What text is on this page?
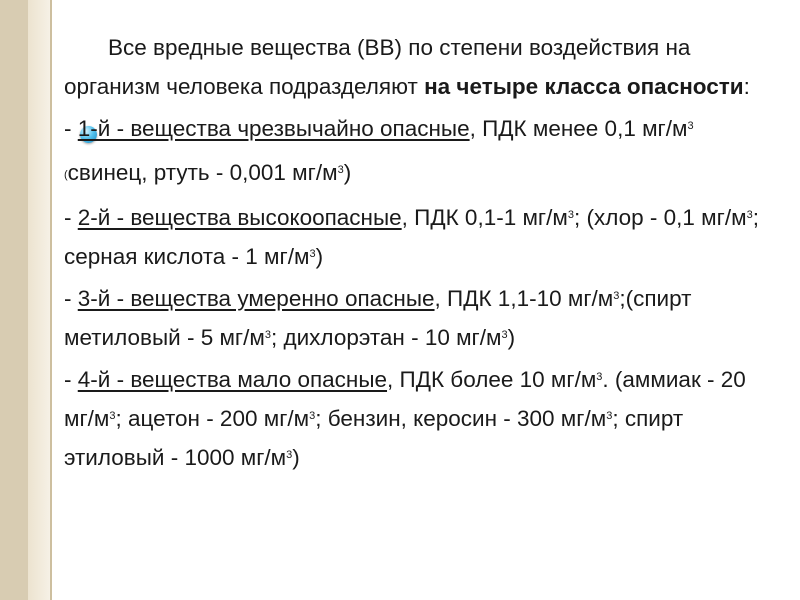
Все вредные вещества (ВВ) по степени воздействия на организм человека подразделяют на четыре класса опасности:

- 1-й - вещества чрезвычайно опасные, ПДК менее 0,1 $мг/м^3$ (свинец, ртуть - 0,001 $мг/м^3$)

- 2-й - вещества высокоопасные, ПДК 0,1-1 $мг/м^3$; (хлор - 0,1 $мг/м^3$; серная кислота - 1 $мг/м^3$)

- 3-й - вещества умеренно опасные, ПДК 1,1-10 $мг/м^3;(спирт$ метиловый - 5 $мг/м^3$; дихлорэтан - 10 $мг/м^3$)

- 4-й - вещества мало опасные, ПДК более 10 $мг/м^3$. (аммиак - 20 $мг/м^3$; ацетон - 200 $мг/м^3$; бензин, керосин - 300 $мг/м^3$; спирт этиловый - 1000 $мг/м^3$)
